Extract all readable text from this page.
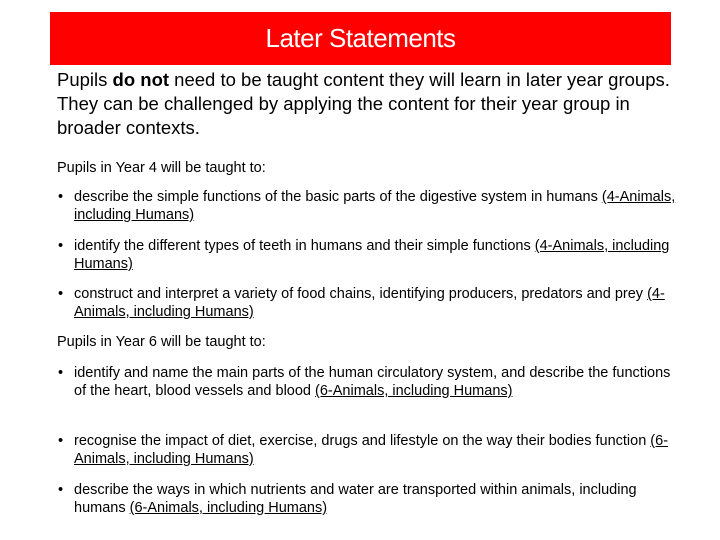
Later Statements
Pupils do not need to be taught content they will learn in later year groups. They can be challenged by applying the content for their year group in broader contexts.
Pupils in Year 4 will be taught to:
• describe the simple functions of the basic parts of the digestive system in humans (4-Animals, including Humans)
• identify the different types of teeth in humans and their simple functions (4-Animals, including Humans)
• construct and interpret a variety of food chains, identifying producers, predators and prey (4-Animals, including Humans)
Pupils in Year 6 will be taught to:
• identify and name the main parts of the human circulatory system, and describe the functions of the heart, blood vessels and blood (6-Animals, including Humans)
• recognise the impact of diet, exercise, drugs and lifestyle on the way their bodies function (6-Animals, including Humans)
• describe the ways in which nutrients and water are transported within animals, including humans (6-Animals, including Humans)
